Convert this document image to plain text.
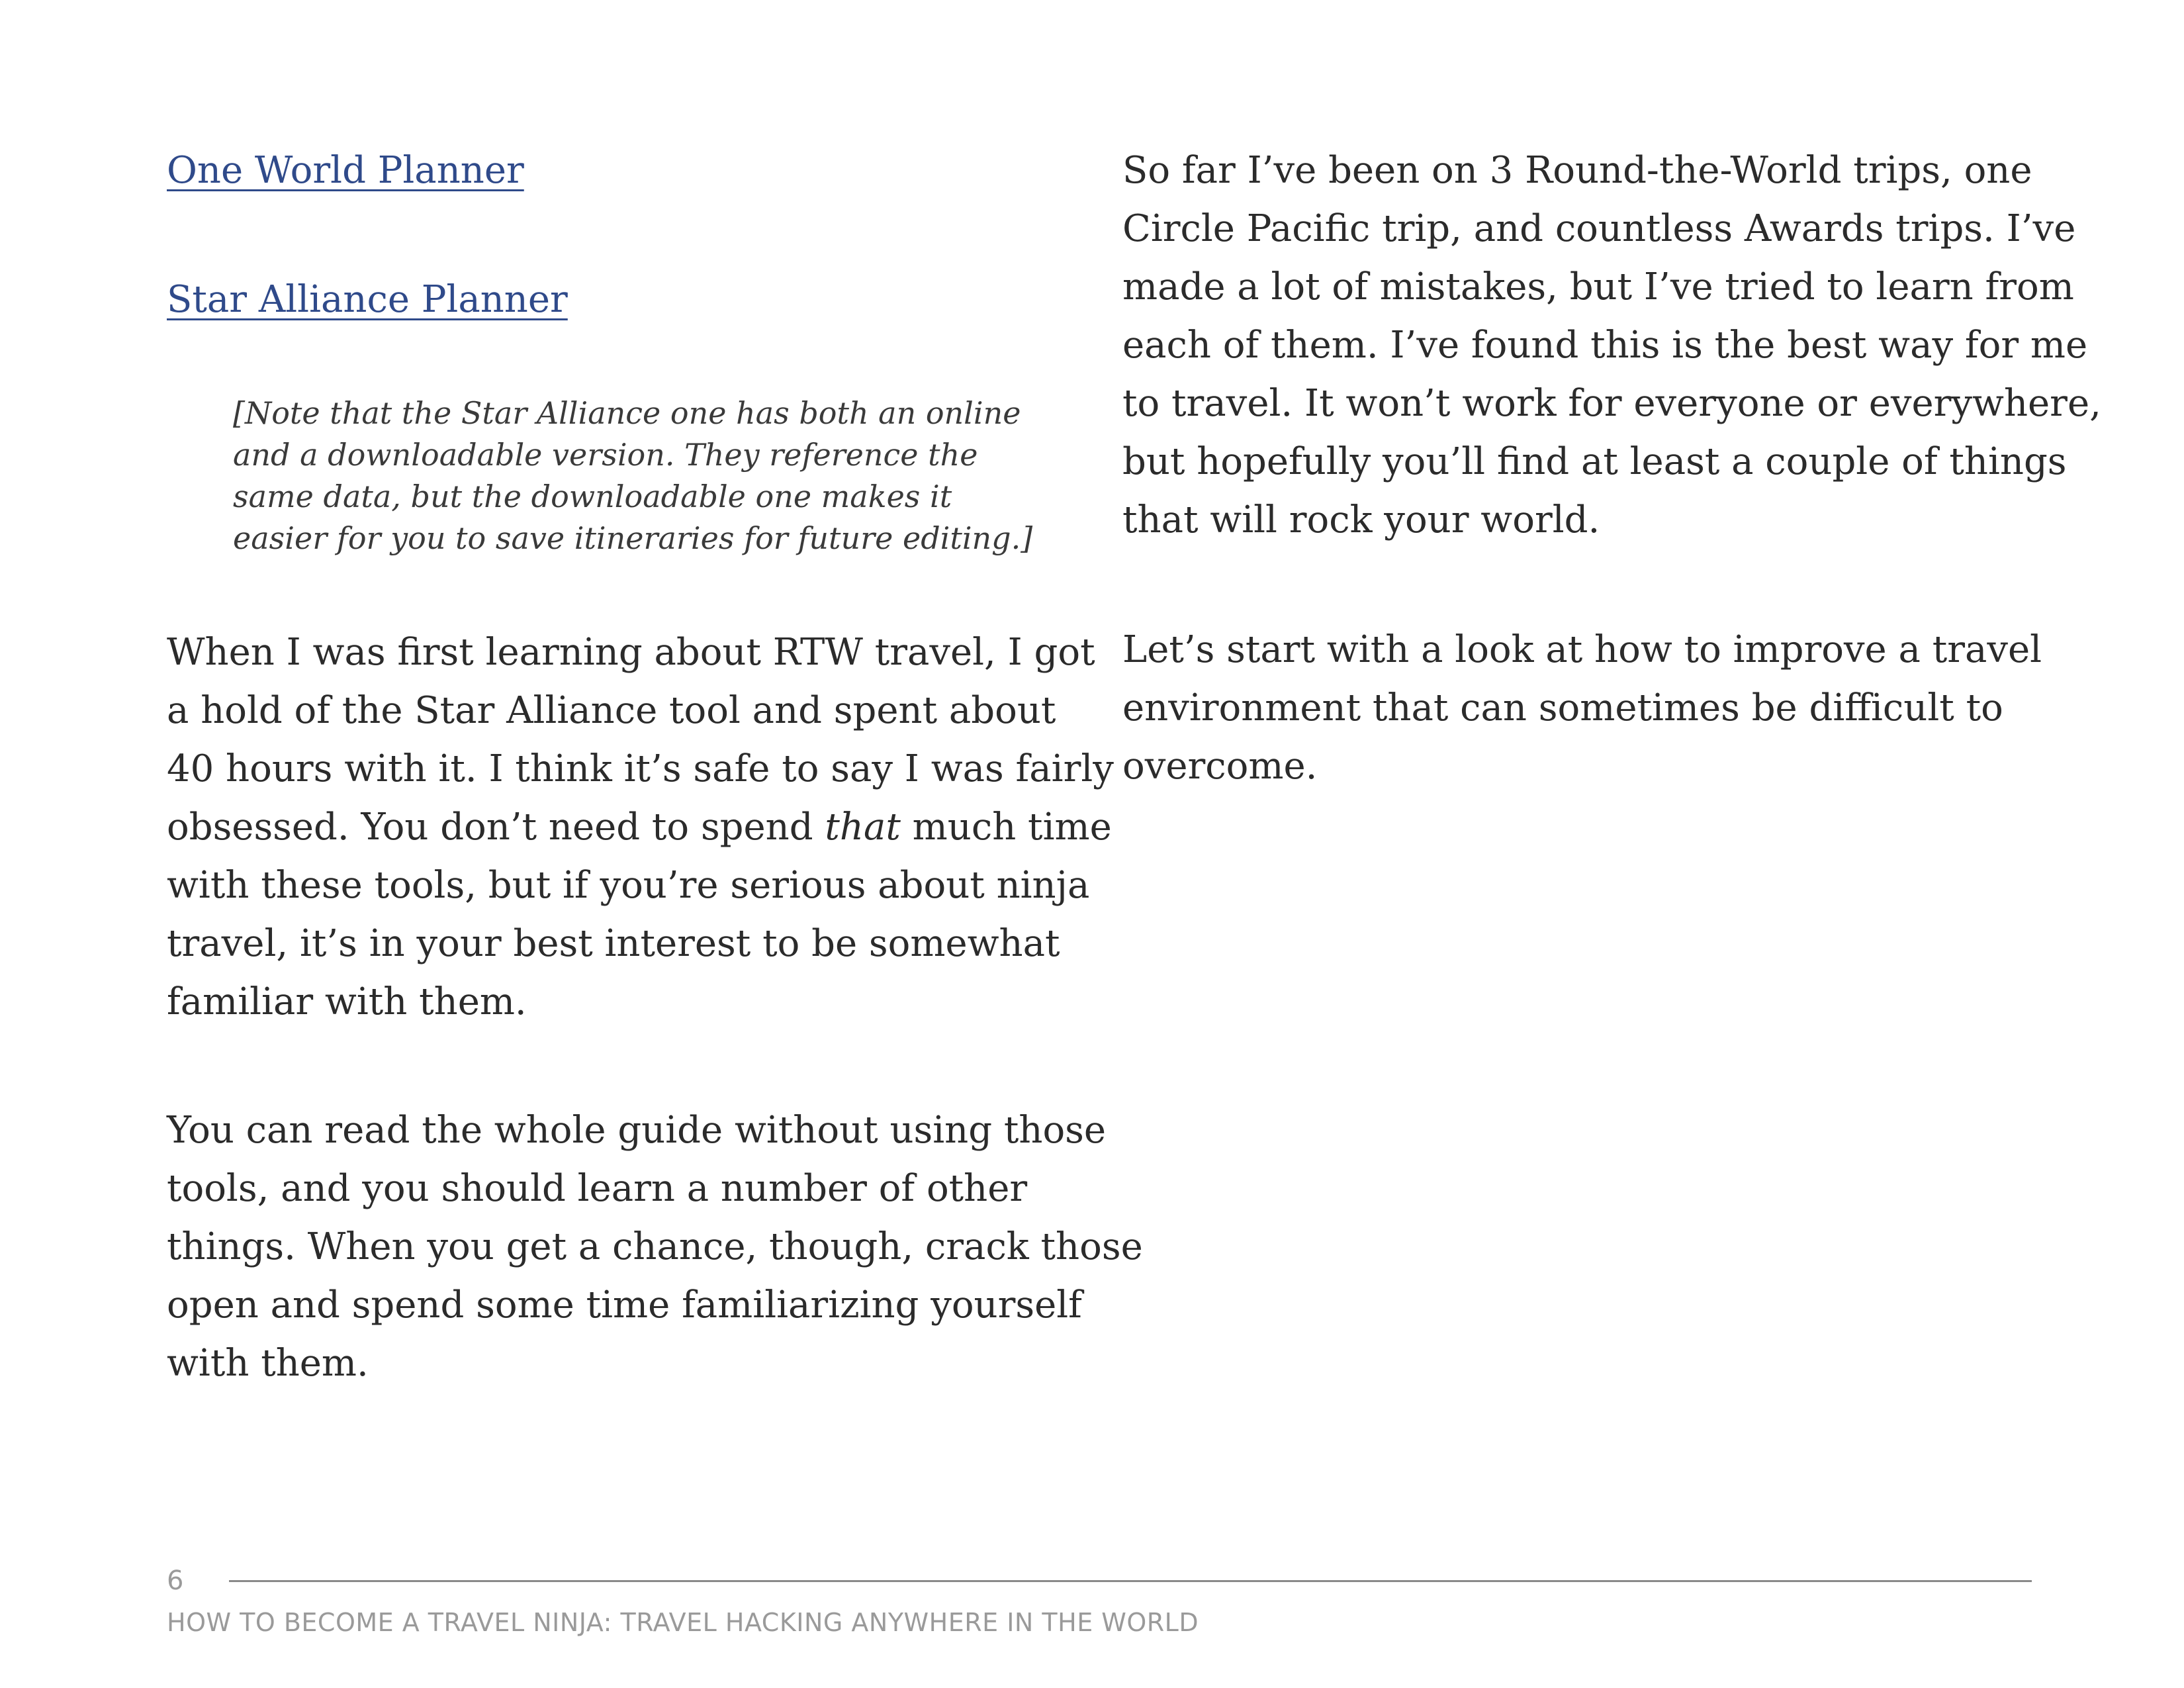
One World Planner
Star Alliance Planner

[Note that the Star Alliance one has both an online
and a downloadable version. They reference the
same data, but the downloadable one makes it
easier for you to save itineraries for future editing.]

When I was first learning about RTW travel, I got
a hold of the Star Alliance tool and spent about
40 hours with it. I think it’s safe to say I was fairly
obsessed. You don’t need to spend that much time
with these tools, but if you’re serious about ninja
travel, it’s in your best interest to be somewhat
familiar with them.

You can read the whole guide without using those
tools, and you should learn a number of other
things. When you get a chance, though, crack those
open and spend some time familiarizing yourself
with them.

So far I’ve been on 3 Round-the-World trips, one
Circle Pacific trip, and countless Awards trips. I’ve
made a lot of mistakes, but I’ve tried to learn from
each of them. I’ve found this is the best way for me
to travel. It won’t work for everyone or everywhere,
but hopefully you’ll find at least a couple of things
that will rock your world.

Let’s start with a look at how to improve a travel
environment that can sometimes be difficult to
overcome.

6
HOW TO BECOME A TRAVEL NINJA: TRAVEL HACKING ANYWHERE IN THE WORLD
